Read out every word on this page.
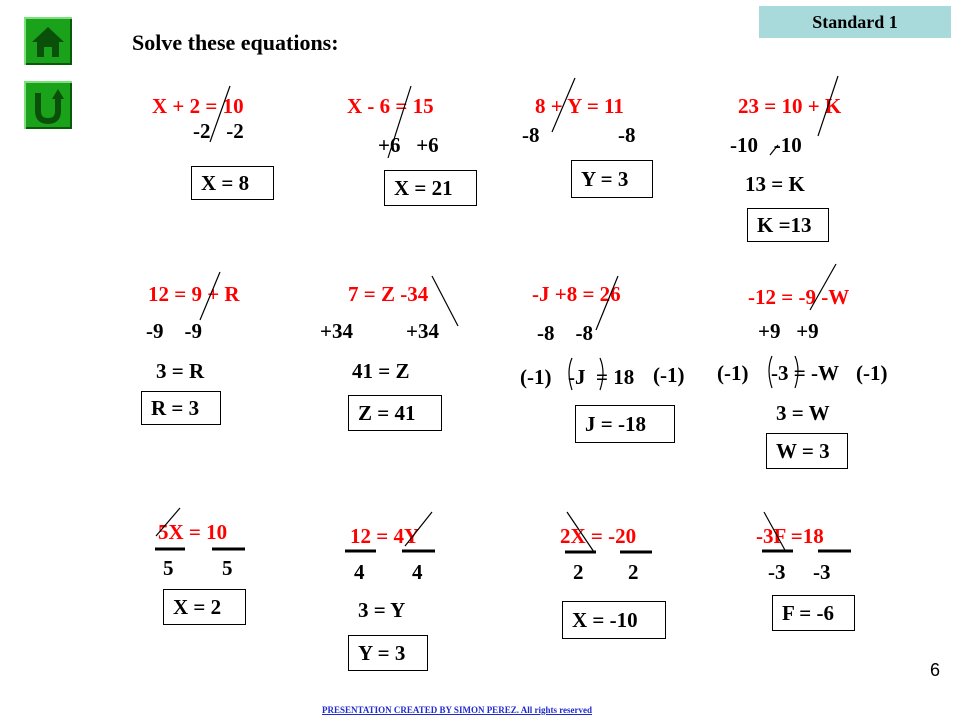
Standard 1
Solve these equations:
X + 2 = 10
-2   -2
X = 8
X - 6 = 15
+6   +6
X = 21
8 + Y = 11
-8	-8
Y = 3
23 = 10 + K
-10   -10
13 = K
K =13
12 = 9 + R
-9    -9
3 = R
R = 3
7 = Z -34
+34	+34
41 = Z
Z = 41
-J +8 = 26
-8    -8
(-1) -J  = 18 (-1)
J = -18
-12 = -9 -W
+9   +9
(-1) -3 = -W (-1)
3 = W
W = 3
5X = 10
5 5
X = 2
12 = 4Y
4 4
3 = Y
Y = 3
2X = -20
2 2
X = -10
-3F =18
-3 -3
F = -6
6
PRESENTATION CREATED BY SIMON PEREZ. All rights reserved
